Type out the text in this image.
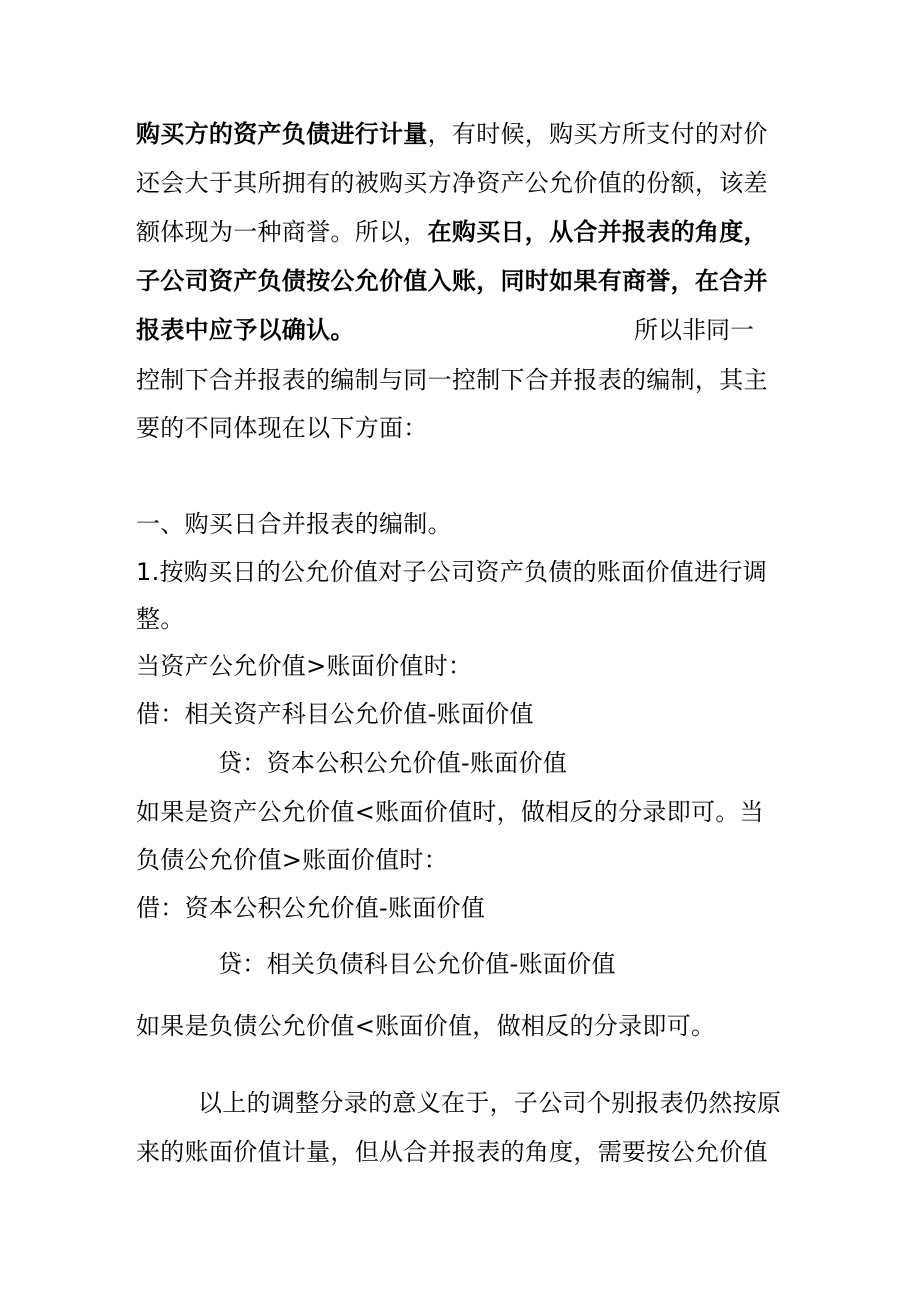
购买方的资产负债进行计量，有时候，购买方所支付的对价
还会大于其所拥有的被购买方净资产公允价值的份额，该差
额体现为一种商誉。所以，在购买日，从合并报表的角度，
子公司资产负债按公允价值入账，同时如果有商誉，在合并
报表中应予以确认。	所以非同一
控制下合并报表的编制与同一控制下合并报表的编制，其主
要的不同体现在以下方面：
一、购买日合并报表的编制。
1.按购买日的公允价值对子公司资产负债的账面价值进行调
整。
当资产公允价值>账面价值时：
借：相关资产科目公允价值-账面价值
贷：资本公积公允价值-账面价值
如果是资产公允价值<账面价值时，做相反的分录即可。当
负债公允价值>账面价值时：
借：资本公积公允价值-账面价值
贷：相关负债科目公允价值-账面价值
如果是负债公允价值<账面价值，做相反的分录即可。
以上的调整分录的意义在于，子公司个别报表仍然按原
来的账面价值计量，但从合并报表的角度，需要按公允价值
